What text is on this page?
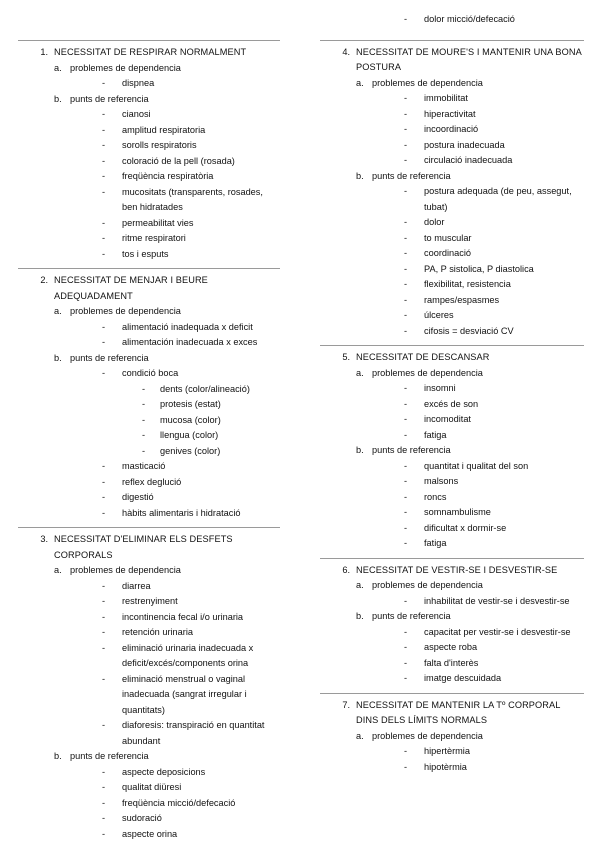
1. NECESSITAT DE RESPIRAR NORMALMENT
a. problemes de dependencia
-	dispnea
b. punts de referencia
-	cianosi
-	amplitud respiratoria
-	sorolls respiratoris
-	coloració de la pell (rosada)
-	freqüència respiratòria
-	mucositats (transparents, rosades, ben hidratades
-	permeabilitat vies
-	ritme respiratori
-	tos i esputs
2. NECESSITAT DE MENJAR I BEURE ADEQUADAMENT
a. problemes de dependencia
-	alimentació inadequada x deficit
-	alimentación inadecuada x exces
b. punts de referencia
-	condició boca
-	dents (color/alineació)
-	protesis (estat)
-	mucosa (color)
-	llengua (color)
-	genives (color)
-	masticació
-	reflex deglució
-	digestió
-	hàbits alimentaris i hidratació
3. NECESSITAT D'ELIMINAR ELS DESFETS CORPORALS
a. problemes de dependencia
-	diarrea
-	restrenyiment
-	incontinencia fecal i/o urinaria
-	retención urinaria
-	eliminació urinaria inadecuada x deficit/excés/components orina
-	eliminació menstrual o vaginal inadecuada (sangrat irregular i quantitats)
-	diaforesis: transpiració en quantitat abundant
b. punts de referencia
-	aspecte deposicions
-	qualitat diüresi
-	freqüència micció/defecació
-	sudoració
-	aspecte orina
-	dolor micció/defecació
4. NECESSITAT DE MOURE'S I MANTENIR UNA BONA POSTURA
a. problemes de dependencia
-	immobilitat
-	hiperactivitat
-	incoordinació
-	postura inadecuada
-	circulació inadecuada
b. punts de referencia
-	postura adequada (de peu, assegut, tubat)
-	dolor
-	to muscular
-	coordinació
-	PA, P sistolica, P diastolica
-	flexibilitat, resistencia
-	rampes/espasmes
-	úlceres
-	cifosis = desviació CV
5. NECESSITAT DE DESCANSAR
a. problemes de dependencia
-	insomni
-	excés de son
-	incomoditat
-	fatiga
b. punts de referencia
-	quantitat i qualitat del son
-	malsons
-	roncs
-	somnambulisme
-	dificultat x dormir-se
-	fatiga
6. NECESSITAT DE VESTIR-SE I DESVESTIR-SE
a. problemes de dependencia
-	inhabilitat de vestir-se i desvestir-se
b. punts de referencia
-	capacitat per vestir-se i desvestir-se
-	aspecte roba
-	falta d'interès
-	imatge descuidada
7. NECESSITAT DE MANTENIR LA Tº CORPORAL DINS DELS LÍMITS NORMALS
a. problemes de dependencia
-	hipertèrmia
-	hipotèrmia
